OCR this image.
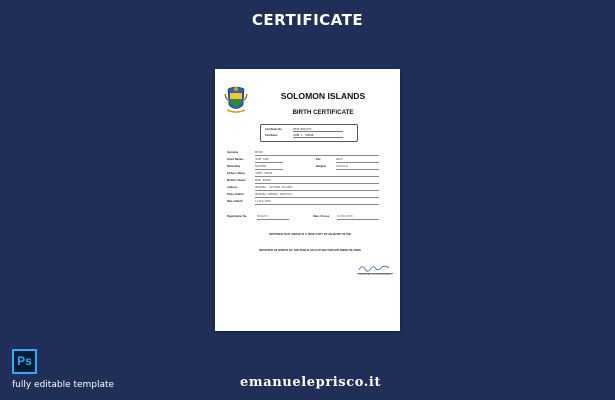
CERTIFICATE
SOLOMON ISLANDS
BIRTH CERTIFICATE
Certificate No.	2019/0041271
Full Name	JOHN C. ERSON
Surname	ERSON
Given Names	JOHN CARL	Sex	MALE
Nationality	SOLOMON	Religion	CATHOLIC
Father's Name	JAMES ERSON
Mother's Name	MARY ERSON
Address	HONIARA, SOLOMON ISLANDS
Place of Birth	HONIARA GENERAL HOSPITAL
Date of Birth	12/03/1990
Registration No.	0041271	Date of Issue	15/06/2019
CERTIFIED THAT ABOVE IS A TRUE COPY OF AN ENTRY IN THE
REGISTER OF BIRTHS OF THE PUBLIC HEALTH SECTION SOLOMON ISLANDS
REGISTRAR, SOLOMON ISLANDS
Ps
fully editable template	emanueleprisco.it
